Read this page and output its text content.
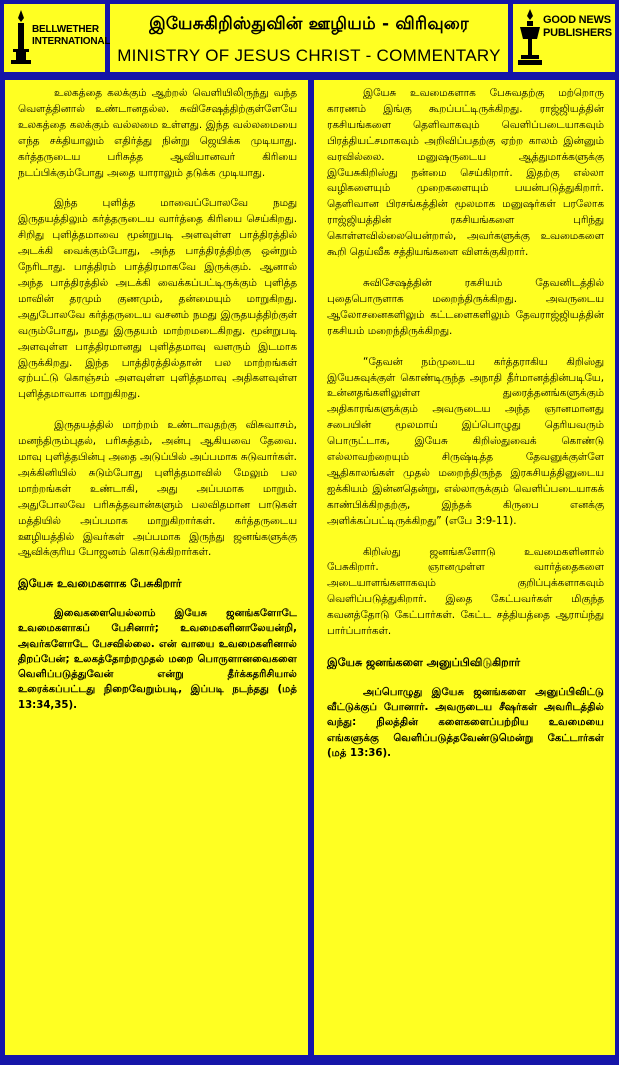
BELLWETHER
INTERNATIONAL
இயேசுகிறிஸ்துவின் ஊழியம் - விரிவுரை
MINISTRY OF JESUS CHRIST - COMMENTARY
GOOD NEWS
PUBLISHERS

உலகத்தை கலக்கும் ஆற்றல் வெளியிலிருந்து வந்த வெளத்தினால் உண்டானதல்ல. சுவிசேஷத்திற்குள்ளேயே உலகத்தை கலக்கும் வல்லமை உள்ளது. இந்த வல்லமையை எந்த சக்தியாலும் எதிர்த்து நின்று ஜெயிக்க முடியாது. கர்த்தருடைய பரிசுத்த ஆவியானவர் கிரியை நடப்பிக்கும்போது அதை யாராலும் தடுக்க முடியாது.

இந்த புளித்த மாவைப்போலவே நமது இருதயத்திலும் கர்த்தருடைய வார்த்தை கிரியை செய்கிறது. சிறிது புளித்தமாவை மூன்றுபடி அளவுள்ள பாத்திரத்தில் அடக்கி வைக்கும்போது, அந்த பாத்திரத்திற்கு ஒன்றும் நேரிடாது. பாத்திரம் பாத்திரமாகவே இருக்கும். ஆனால் அந்த பாத்திரத்தில் அடக்கி வைக்கப்பட்டிருக்கும் புளித்த மாவின் தரமும் குணமும், தன்மையும் மாறுகிறது. அதுபோலவே கர்த்தருடைய வசனம் நமது இருதயத்திற்குள் வரும்போது, நமது இருதயம் மாற்றமடைகிறது. மூன்றுபடி அளவுள்ள பாத்திரமானது புளித்தமாவு வளரும் இடமாக இருக்கிறது. இந்த பாத்திரத்தில்தான் பல மாற்றங்கள் ஏற்பட்டு கொஞ்சம் அளவுள்ள புளித்தமாவு அதிகளவுள்ள புளித்தமாவாக மாறுகிறது.

இருதயத்தில் மாற்றம் உண்டாவதற்கு விசுவாசம், மனந்திரும்புதல், பரிசுத்தம், அன்பு ஆகியவை தேவை. மாவு புளித்தபின்பு அதை அடுப்பில் அப்பமாக சுடுவார்கள். அக்கினியில் சுடும்போது புளித்தமாவில் மேலும் பல மாற்றங்கள் உண்டாகி, அது அப்பமாக மாறும். அதுபோலவே பரிசுத்தவான்களும் பலவிதமான பாடுகள் மத்தியில் அப்பமாக மாறுகிறார்கள். கர்த்தருடைய ஊழியத்தில் இவர்கள் அப்பமாக இருந்து ஜனங்களுக்கு ஆவிக்குரிய போஜனம் கொடுக்கிறார்கள்.

இயேசு உவமைகளாக பேசுகிறார்

இவைகளையெல்லாம் இயேசு ஜனங்களோடே உவமைகளாகப் பேசினார்; உவமைகளினாலேயன்றி, அவர்களோடே பேசவில்லை. என் வாயை உவமைகளினால் திறப்பேன்; உலகத்தோற்றமுதல் மறை பொருளானவைகளை வெளிப்படுத்துவேன் என்று தீர்க்கதரிசியால் உரைக்கப்பட்டது நிறைவேறும்படி, இப்படி நடந்தது (மத் 13:34,35).

இயேசு உவமைகளாக பேசுவதற்கு மற்றொரு காரணம் இங்கு கூறப்பட்டிருக்கிறது. ராஜ்ஜியத்தின் ரகசியங்களை தெளிவாகவும் வெளிப்படையாகவும் பிரத்தியட்சமாகவும் அறிவிப்பதற்கு ஏற்ற காலம் இன்னும் வரவில்லை. மனுஷருடைய ஆத்துமாக்களுக்கு இயேசுகிறிஸ்து நன்மை செய்கிறார். இதற்கு எல்லா வழிகளையும் முறைகளையும் பயன்படுத்துகிறார். தெளிவான பிரசங்கத்தின் மூலமாக மனுஷர்கள் பரலோக ராஜ்ஜியத்தின் ரகசியங்களை புரிந்து கொள்ளவில்லையென்றால், அவர்களுக்கு உவமைகளை கூறி தெய்வீக சத்தியங்களை விளக்குகிறார்.

சுவிசேஷத்தின் ரகசியம் தேவனிடத்தில் புதைபொருளாக மறைந்திருக்கிறது. அவருடைய ஆலோசனைகளிலும் கட்டளைகளிலும் தேவராஜ்ஜியத்தின் ரகசியம் மறைந்திருக்கிறது.

“தேவன் நம்முடைய கர்த்தராகிய கிறிஸ்து இயேசுவுக்குள் கொண்டிருந்த அநாதி தீர்மானத்தின்படியே, உன்னதங்களிலுள்ள துரைத்தனங்களுக்கும் அதிகாரங்களுக்கும் அவருடைய அந்த ஞானமானது சபையின் மூலமாய் இப்பொழுது தெரியவரும் பொருட்டாக, இயேசு கிறிஸ்துவைக் கொண்டு எல்லாவற்றையும் சிருஷ்டித்த தேவனுக்குள்ளே ஆதிகாலங்கள் முதல் மறைந்திருந்த இரகசியத்தினுடைய ஐக்கியம் இன்னதென்று, எல்லாருக்கும் வெளிப்படையாகக் காண்பிக்கிறதற்கு, இந்தக் கிருபை எனக்கு அளிக்கப்பட்டிருக்கிறது” (எபே 3:9-11).

கிறிஸ்து ஜனங்களோடு உவமைகளினால் பேசுகிறார். ஞானமுள்ள வார்த்தைகளை அடையாளங்களாகவும் குறிப்புக்களாகவும் வெளிப்படுத்துகிறார். இதை கேட்பவர்கள் மிகுந்த கவனத்தோடு கேட்பார்கள். கேட்ட சத்தியத்தை ஆராய்ந்து பார்ப்பார்கள்.

இயேசு ஜனங்களை அனுப்பிவிடுகிறார்

அப்பொழுது இயேசு ஜனங்களை அனுப்பிவிட்டு வீட்டுக்குப் போனார். அவருடைய சீஷர்கள் அவரிடத்தில் வந்து: நிலத்தின் களைகளைப்பற்றிய உவமையை எங்களுக்கு வெளிப்படுத்தவேண்டுமென்று கேட்டார்கள் (மத் 13:36).
